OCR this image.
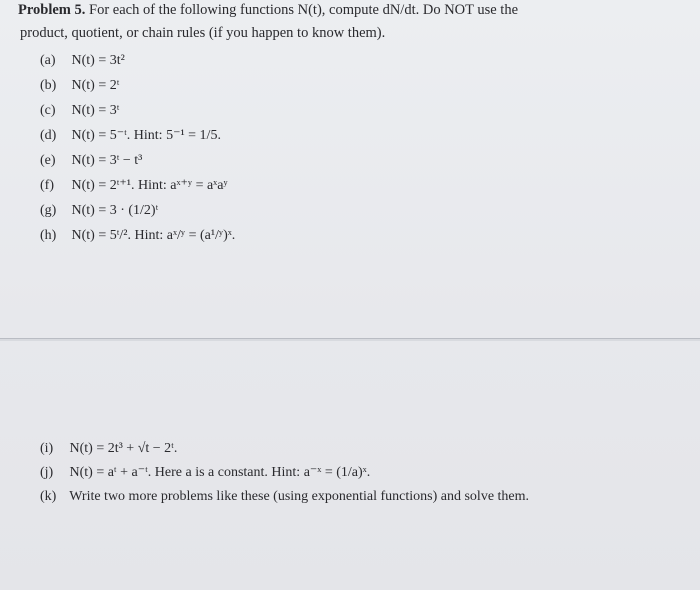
Problem 5. For each of the following functions N(t), compute dN/dt. Do NOT use the
product, quotient, or chain rules (if you happen to know them).
(a) N(t) = 3t²
(b) N(t) = 2ᵗ
(c) N(t) = 3ᵗ
(d) N(t) = 5⁻ᵗ. Hint: 5⁻¹ = 1/5.
(e) N(t) = 3ᵗ − t³
(f) N(t) = 2ᵗ⁺¹. Hint: aˣ⁺ʸ = aˣaʸ
(g) N(t) = 3 · (1/2)ᵗ
(h) N(t) = 5ᵗ/². Hint: aˣ/ʸ = (a¹/ʸ)ˣ.
(i) N(t) = 2t³ + √t − 2ᵗ.
(j) N(t) = aᵗ + a⁻ᵗ. Here a is a constant. Hint: a⁻ˣ = (1/a)ˣ.
(k) Write two more problems like these (using exponential functions) and solve them.
